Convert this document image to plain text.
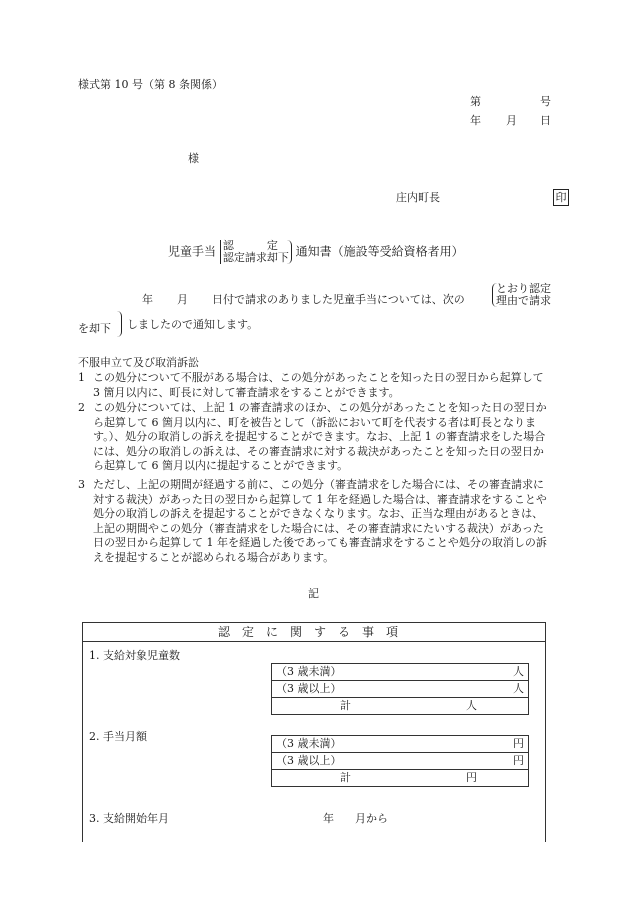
様式第 10 号（第 8 条関係）
第	号
年 月 日
様
庄内町長	印
児童手当 認　　　定
認定請求却下 通知書（施設等受給資格者用）
年 月 日付で請求のありました児童手当については、次の
とおり認定
理由で請求
を却下 しましたので通知します。
不服申立て及び取消訴訟
1 この処分について不服がある場合は、この処分があったことを知った日の翌日から起算して 3 箇月以内に、町長に対して審査請求をすることができます。
2 この処分については、上記 1 の審査請求のほか、この処分があったことを知った日の翌日から起算して 6 箇月以内に、町を被告として（訴訟において町を代表する者は町長となります。）、処分の取消しの訴えを提起することができます。なお、上記 1 の審査請求をした場合には、処分の取消しの訴えは、その審査請求に対する裁決があったことを知った日の翌日から起算して 6 箇月以内に提起することができます。
3 ただし、上記の期間が経過する前に、この処分（審査請求をした場合には、その審査請求に対する裁決）があった日の翌日から起算して 1 年を経過した場合は、審査請求をすることや処分の取消しの訴えを提起することができなくなります。なお、正当な理由があるときは、上記の期間やこの処分（審査請求をした場合には、その審査請求にたいする裁決）があった日の翌日から起算して 1 年を経過した後であっても審査請求をすることや処分の取消しの訴えを提起することが認められる場合があります。
記
認定に関する事項

1. 支給対象児童数
（3 歳未満）	人

（3 歳以上）	人

計	人

2. 手当月額
（3 歳未満）	円

（3 歳以上）	円

計	円

3. 支給開始年月	年 月から
